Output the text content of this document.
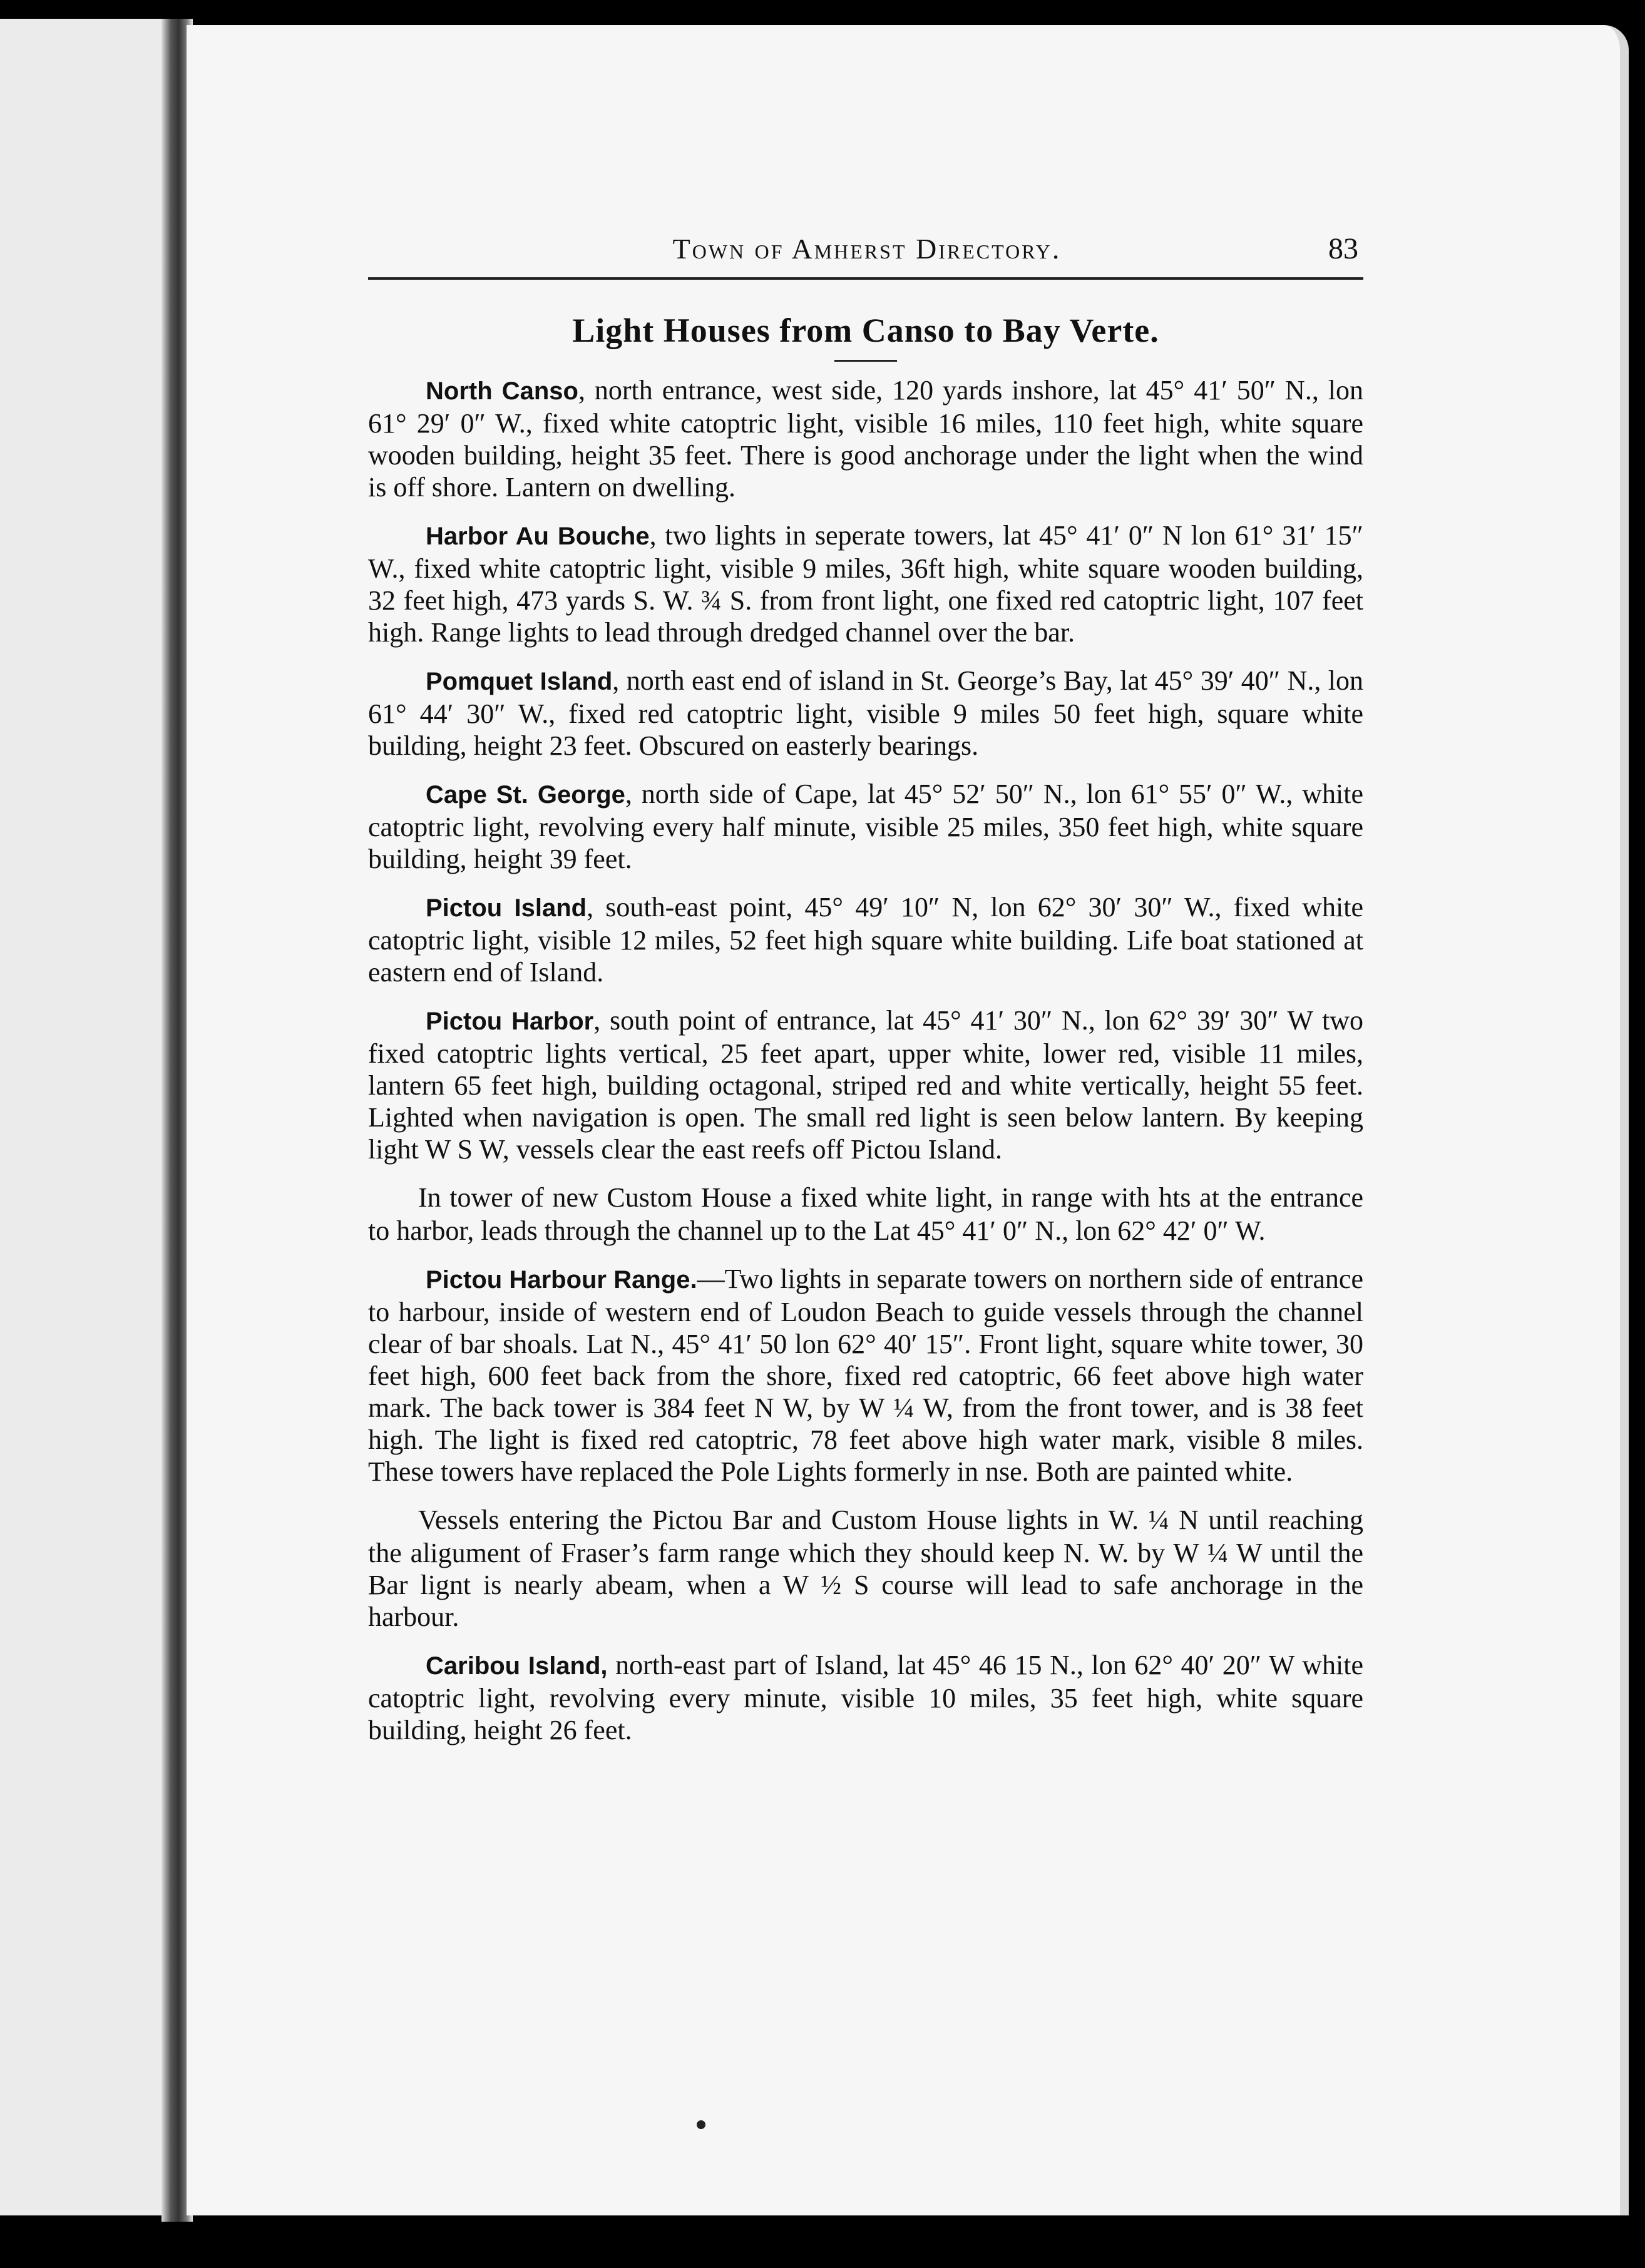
Town of Amherst Directory.	83
Light Houses from Canso to Bay Verte.

North Canso, north entrance, west side, 120 yards inshore, lat 45° 41′ 50″ N., lon 61° 29′ 0″ W., fixed white catoptric light, visible 16 miles, 110 feet high, white square wooden building, height 35 feet. There is good anchorage under the light when the wind is off shore. Lantern on dwelling.

Harbor Au Bouche, two lights in seperate towers, lat 45° 41′ 0″ N lon 61° 31′ 15″ W., fixed white catoptric light, visible 9 miles, 36ft high, white square wooden building, 32 feet high, 473 yards S. W. ¾ S. from front light, one fixed red catoptric light, 107 feet high. Range lights to lead through dredged channel over the bar.

Pomquet Island, north east end of island in St. George’s Bay, lat 45° 39′ 40″ N., lon 61° 44′ 30″ W., fixed red catoptric light, visible 9 miles 50 feet high, square white building, height 23 feet. Obscured on easterly bearings.

Cape St. George, north side of Cape, lat 45° 52′ 50″ N., lon 61° 55′ 0″ W., white catoptric light, revolving every half minute, visible 25 miles, 350 feet high, white square building, height 39 feet.

Pictou Island, south-east point, 45° 49′ 10″ N, lon 62° 30′ 30″ W., fixed white catoptric light, visible 12 miles, 52 feet high square white building. Life boat stationed at eastern end of Island.

Pictou Harbor, south point of entrance, lat 45° 41′ 30″ N., lon 62° 39′ 30″ W two fixed catoptric lights vertical, 25 feet apart, upper white, lower red, visible 11 miles, lantern 65 feet high, building octagonal, striped red and white vertically, height 55 feet. Lighted when navigation is open. The small red light is seen below lantern. By keeping light W S W, vessels clear the east reefs off Pictou Island.

In tower of new Custom House a fixed white light, in range with hts at the entrance to harbor, leads through the channel up to the Lat 45° 41′ 0″ N., lon 62° 42′ 0″ W.

Pictou Harbour Range.—Two lights in separate towers on northern side of entrance to harbour, inside of western end of Loudon Beach to guide vessels through the channel clear of bar shoals. Lat N., 45° 41′ 50 lon 62° 40′ 15″. Front light, square white tower, 30 feet high, 600 feet back from the shore, fixed red catoptric, 66 feet above high water mark. The back tower is 384 feet N W, by W ¼ W, from the front tower, and is 38 feet high. The light is fixed red catoptric, 78 feet above high water mark, visible 8 miles. These towers have replaced the Pole Lights formerly in nse. Both are painted white.

Vessels entering the Pictou Bar and Custom House lights in W. ¼ N until reaching the aligument of Fraser’s farm range which they should keep N. W. by W ¼ W until the Bar lignt is nearly abeam, when a W ½ S course will lead to safe anchorage in the harbour.

Caribou Island, north-east part of Island, lat 45° 46 15 N., lon 62° 40′ 20″ W white catoptric light, revolving every minute, visible 10 miles, 35 feet high, white square building, height 26 feet.
